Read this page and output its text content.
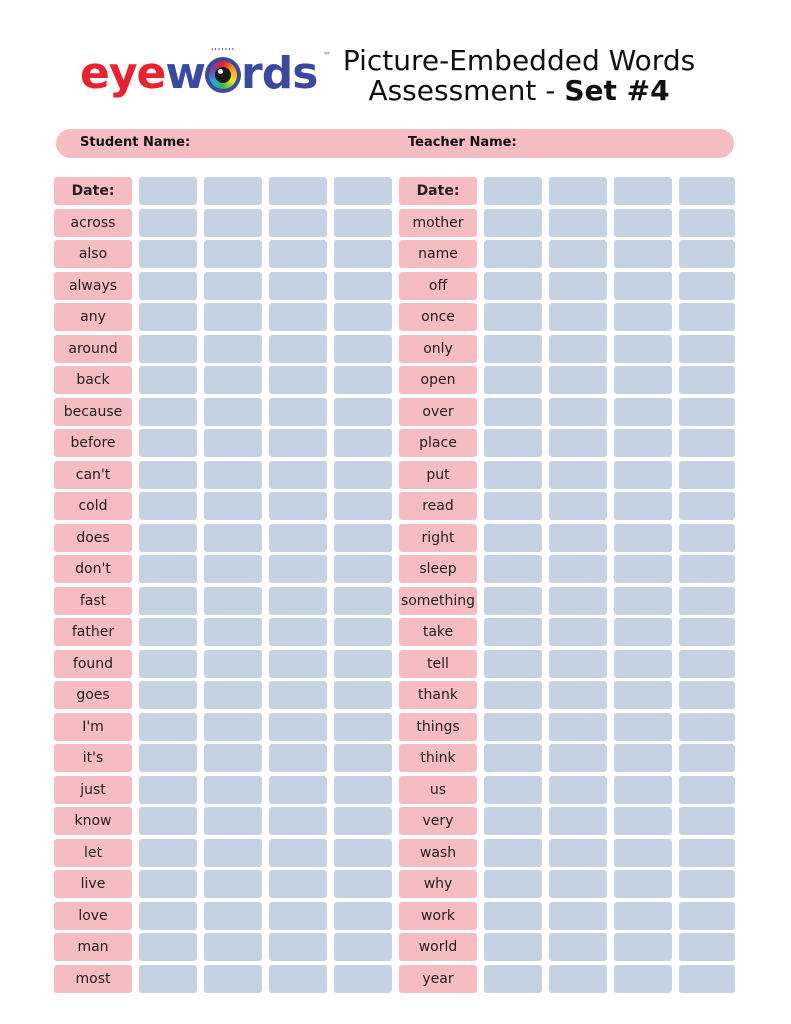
eyew ''''''' rds ™ Picture-Embedded Words
Assessment - Set #4
Student Name:	Teacher Name:
Date:
across
also
always
any
around
back
because
before
can't
cold
does
don't
fast
father
found
goes
I'm
it's
just
know
let
live
love
man
most
Date:
mother
name
off
once
only
open
over
place
put
read
right
sleep
something
take
tell
thank
things
think
us
very
wash
why
work
world
year
